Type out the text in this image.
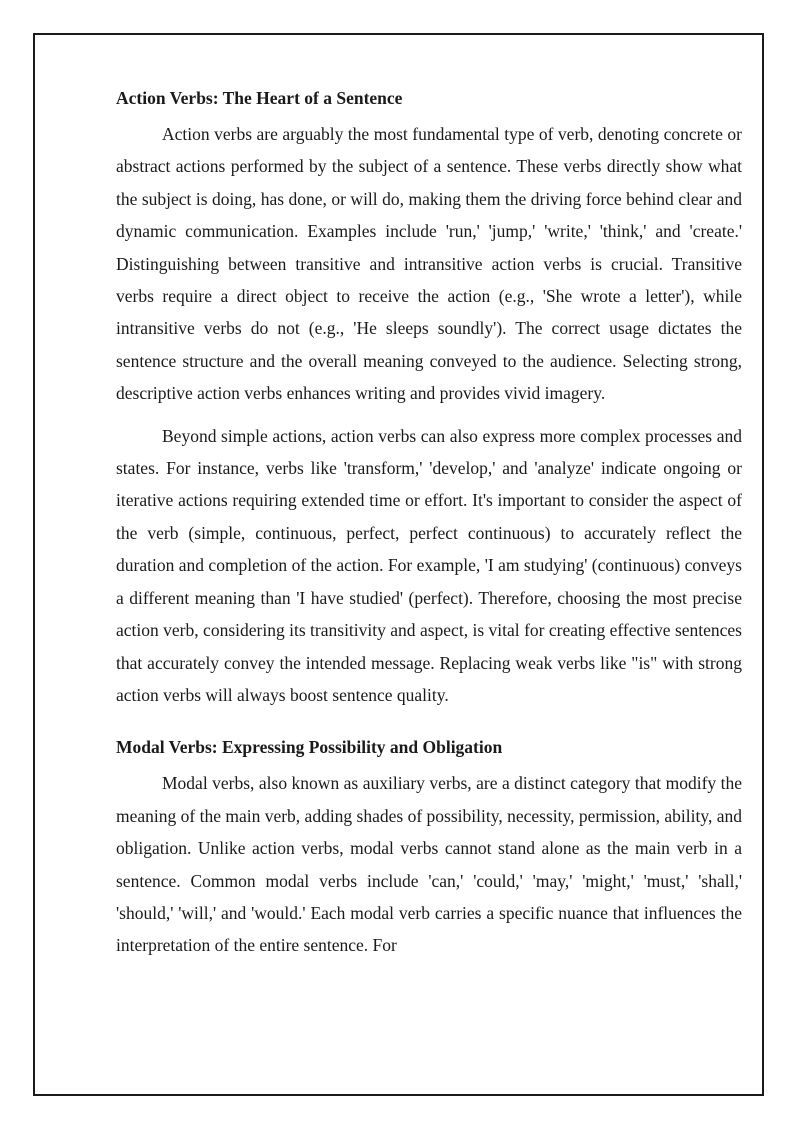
Action Verbs: The Heart of a Sentence

Action verbs are arguably the most fundamental type of verb, denoting concrete or abstract actions performed by the subject of a sentence. These verbs directly show what the subject is doing, has done, or will do, making them the driving force behind clear and dynamic communication. Examples include 'run,' 'jump,' 'write,' 'think,' and 'create.' Distinguishing between transitive and intransitive action verbs is crucial. Transitive verbs require a direct object to receive the action (e.g., 'She wrote a letter'), while intransitive verbs do not (e.g., 'He sleeps soundly'). The correct usage dictates the sentence structure and the overall meaning conveyed to the audience. Selecting strong, descriptive action verbs enhances writing and provides vivid imagery.

Beyond simple actions, action verbs can also express more complex processes and states. For instance, verbs like 'transform,' 'develop,' and 'analyze' indicate ongoing or iterative actions requiring extended time or effort. It's important to consider the aspect of the verb (simple, continuous, perfect, perfect continuous) to accurately reflect the duration and completion of the action. For example, 'I am studying' (continuous) conveys a different meaning than 'I have studied' (perfect). Therefore, choosing the most precise action verb, considering its transitivity and aspect, is vital for creating effective sentences that accurately convey the intended message. Replacing weak verbs like "is" with strong action verbs will always boost sentence quality.

Modal Verbs: Expressing Possibility and Obligation

Modal verbs, also known as auxiliary verbs, are a distinct category that modify the meaning of the main verb, adding shades of possibility, necessity, permission, ability, and obligation. Unlike action verbs, modal verbs cannot stand alone as the main verb in a sentence. Common modal verbs include 'can,' 'could,' 'may,' 'might,' 'must,' 'shall,' 'should,' 'will,' and 'would.' Each modal verb carries a specific nuance that influences the interpretation of the entire sentence. For
